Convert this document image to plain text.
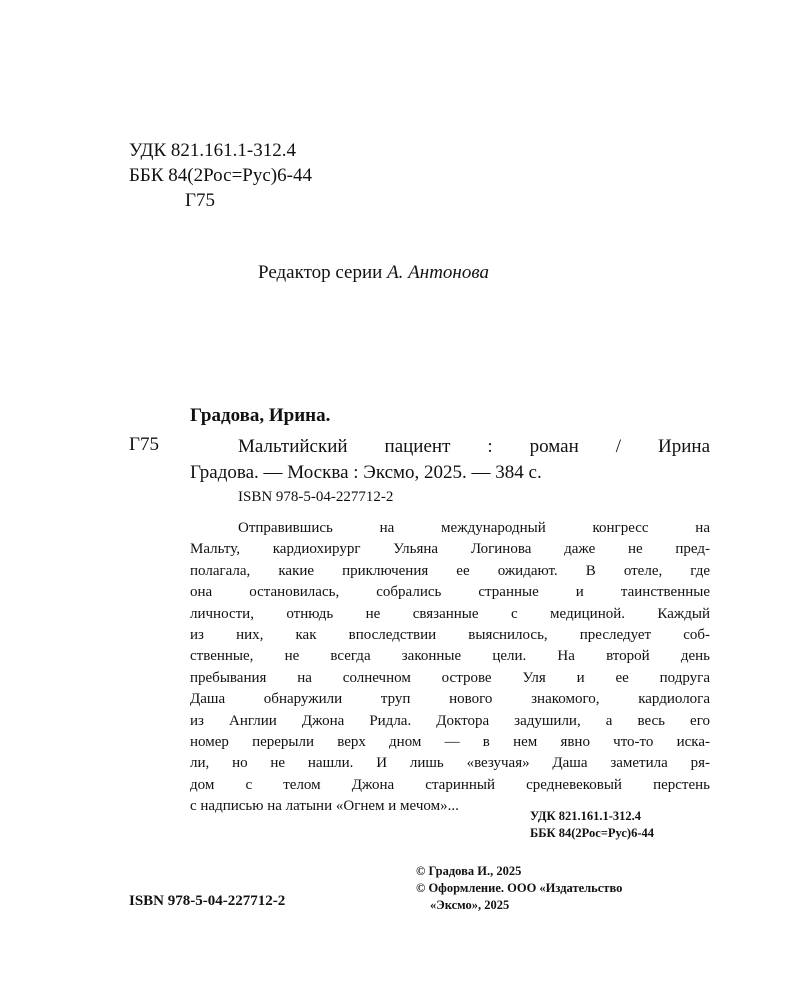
УДК 821.161.1-312.4
ББК 84(2Рос=Рус)6-44
Г75
Редактор серии А. Антонова
Градова, Ирина.
Г75	Мальтийский пациент : роман / Ирина
Градова. — Москва : Эксмо, 2025. — 384 с.
ISBN 978-5-04-227712-2
Отправившись на международный конгресс на
Мальту, кардиохирург Ульяна Логинова даже не пред-
полагала, какие приключения ее ожидают. В отеле, где
она остановилась, собрались странные и таинственные
личности, отнюдь не связанные с медициной. Каждый
из них, как впоследствии выяснилось, преследует соб-
ственные, не всегда законные цели. На второй день
пребывания на солнечном острове Уля и ее подруга
Даша обнаружили труп нового знакомого, кардиолога
из Англии Джона Ридла. Доктора задушили, а весь его
номер перерыли верх дном — в нем явно что-то иска-
ли, но не нашли. И лишь «везучая» Даша заметила ря-
дом с телом Джона старинный средневековый перстень
с надписью на латыни «Огнем и мечом»...
УДК 821.161.1-312.4
ББК 84(2Рос=Рус)6-44
© Градова И., 2025
© Оформление. ООО «Издательство
«Эксмо», 2025
ISBN 978-5-04-227712-2
